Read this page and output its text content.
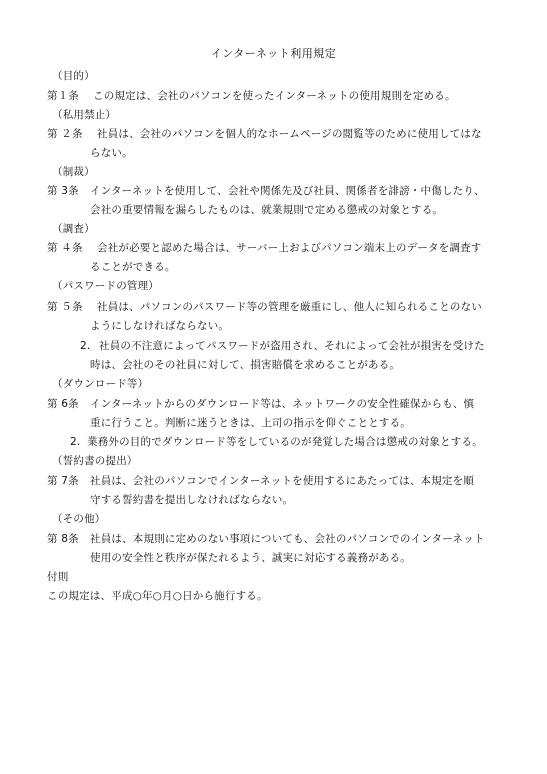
インターネット利用規定
（目的）
第１条 この規定は、会社のパソコンを使ったインターネットの使用規則を定める。
（私用禁止）
第 ２条 社員は、会社のパソコンを個人的なホームページの閲覧等のために使用してはな
らない。
（制裁）
第 3条 インターネットを使用して、会社や関係先及び社員、関係者を誹謗・中傷したり、
会社の重要情報を漏らしたものは、就業規則で定める懲戒の対象とする。
（調査）
第 ４条 会社が必要と認めた場合は、サーバー上およびパソコン端末上のデータを調査す
ることができる。
（パスワードの管理）
第 ５条 社員は、パソコンのパスワード等の管理を厳重にし、他人に知られることのない
ようにしなければならない。
2. 社員の不注意によってパスワードが盗用され、それによって会社が損害を受けた
時は、会社のその社員に対して、損害賠償を求めることがある。
（ダウンロード等）
第 6条 インターネットからのダウンロード等は、ネットワークの安全性確保からも、慎
重に行うこと。判断に迷うときは、上司の指示を仰ぐこととする。
2. 業務外の目的でダウンロード等をしているのが発覚した場合は懲戒の対象とする。
（誓約書の提出）
第 7条 社員は、会社のパソコンでインターネットを使用するにあたっては、本規定を順
守する誓約書を提出しなければならない。
（その他）
第 8条 社員は、本規則に定めのない事項についても、会社のパソコンでのインターネット
使用の安全性と秩序が保たれるよう、誠実に対応する義務がある。
付則
この規定は、平成○年○月○日から施行する。
